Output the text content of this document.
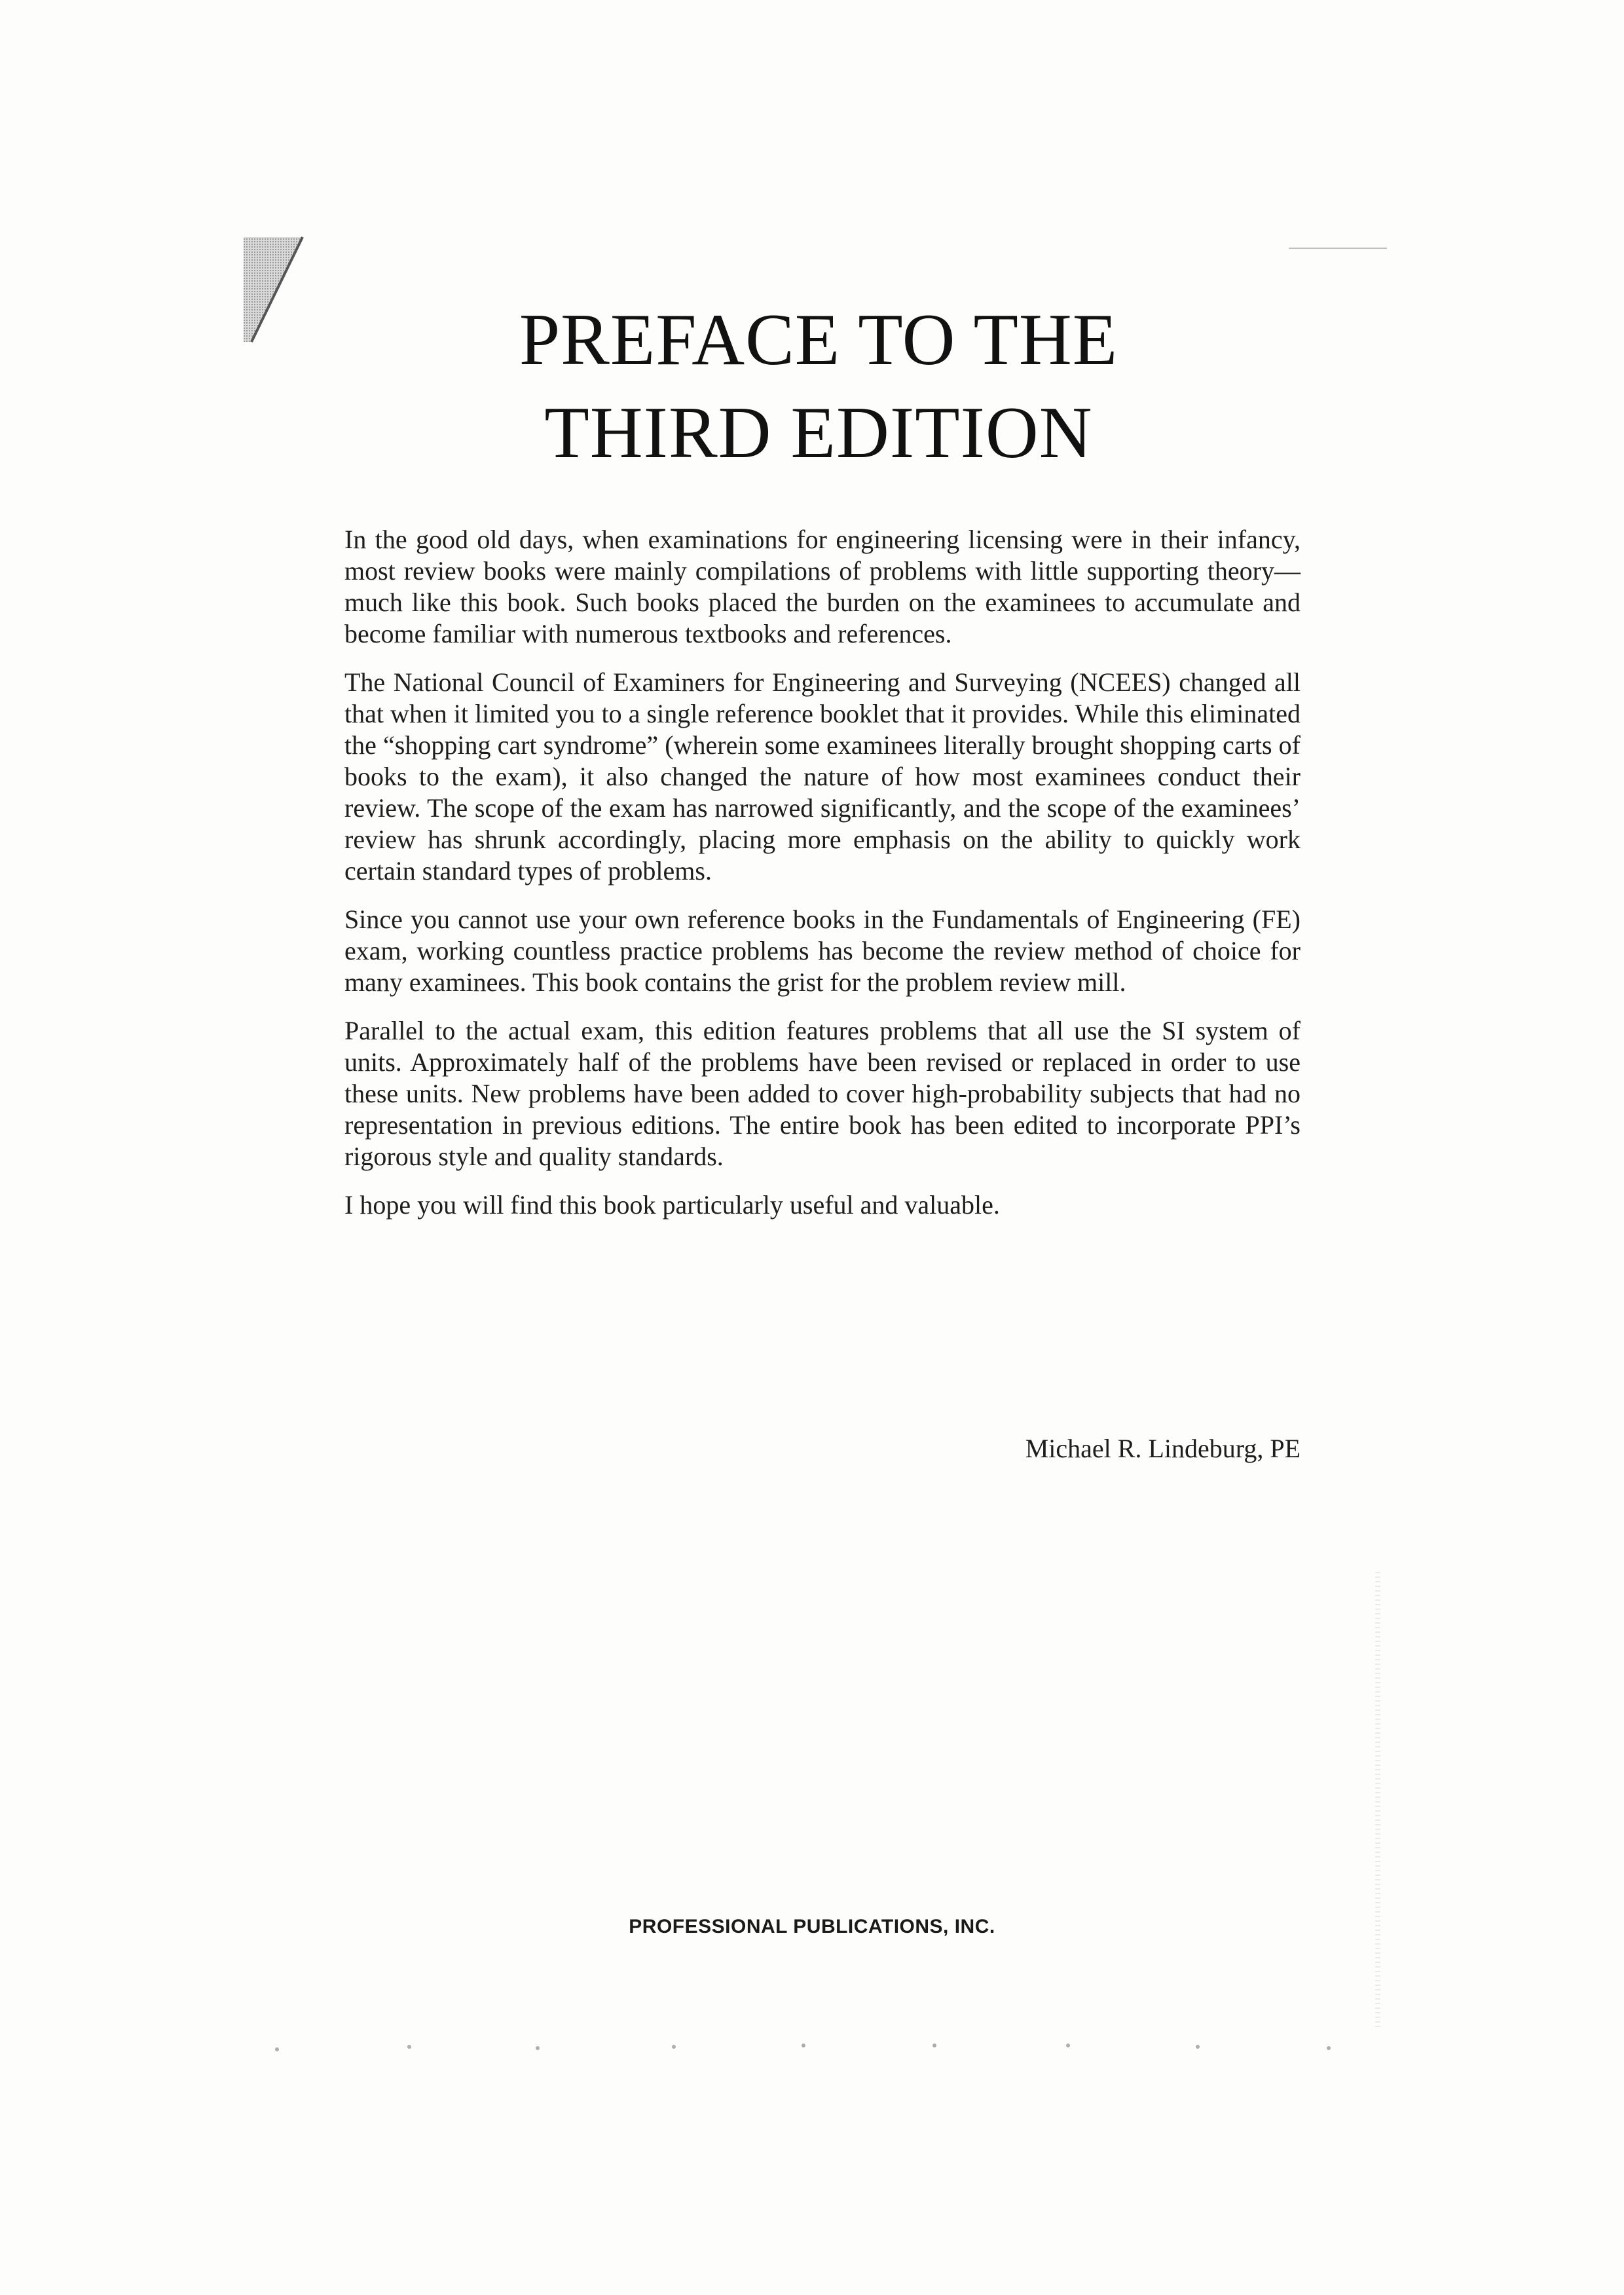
PREFACE TO THE
THIRD EDITION

In the good old days, when examinations for engineering licensing were in their infancy, most review books were mainly compilations of problems with little supporting theory—much like this book. Such books placed the burden on the examinees to accumulate and become familiar with numerous textbooks and references.

The National Council of Examiners for Engineering and Surveying (NCEES) changed all that when it limited you to a single reference booklet that it provides. While this eliminated the “shopping cart syndrome” (wherein some examinees literally brought shopping carts of books to the exam), it also changed the nature of how most examinees conduct their review. The scope of the exam has narrowed significantly, and the scope of the examinees’ review has shrunk accordingly, placing more emphasis on the ability to quickly work certain standard types of problems.

Since you cannot use your own reference books in the Fundamentals of Engineering (FE) exam, working countless practice problems has become the review method of choice for many examinees. This book contains the grist for the problem review mill.

Parallel to the actual exam, this edition features problems that all use the SI system of units. Approximately half of the problems have been revised or replaced in order to use these units. New problems have been added to cover high-probability subjects that had no representation in previous editions. The entire book has been edited to incorporate PPI’s rigorous style and quality standards.

I hope you will find this book particularly useful and valuable.

Michael R. Lindeburg, PE
PROFESSIONAL PUBLICATIONS, INC.
